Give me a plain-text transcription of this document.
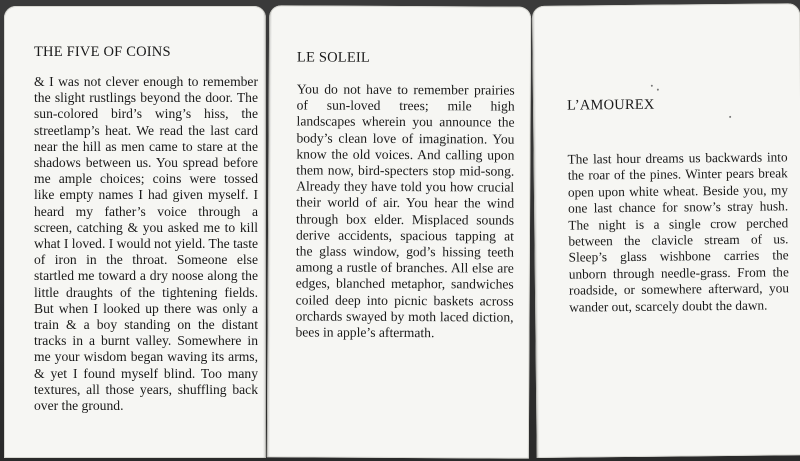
THE FIVE OF COINS
& I was not clever enough to remember the slight rustlings beyond the door. The sun-colored bird’s wing’s hiss, the streetlamp’s heat. We read the last card near the hill as men came to stare at the shadows between us. You spread before me ample choices; coins were tossed like empty names I had given myself. I heard my father’s voice through a screen, catching & you asked me to kill what I loved. I would not yield. The taste of iron in the throat. Someone else startled me toward a dry noose along the little draughts of the tightening fields. But when I looked up there was only a train & a boy standing on the distant tracks in a burnt valley. Somewhere in me your wisdom began waving its arms, & yet I found myself blind. Too many textures, all those years, shuffling back over the ground.
LE SOLEIL
You do not have to remember prairies of sun-loved trees; mile high landscapes wherein you announce the body’s clean love of imagination. You know the old voices. And calling upon them now, bird-specters stop mid-song. Already they have told you how crucial their world of air. You hear the wind through box elder. Misplaced sounds derive accidents, spacious tapping at the glass window, god’s hissing teeth among a rustle of branches. All else are edges, blanched metaphor, sandwiches coiled deep into picnic baskets across orchards swayed by moth laced diction, bees in apple’s aftermath.
L’AMOUREX
The last hour dreams us backwards into the roar of the pines. Winter pears break open upon white wheat. Beside you, my one last chance for snow’s stray hush. The night is a single crow perched between the clavicle stream of us. Sleep’s glass wishbone carries the unborn through needle-grass. From the roadside, or somewhere afterward, you wander out, scarcely doubt the dawn.
